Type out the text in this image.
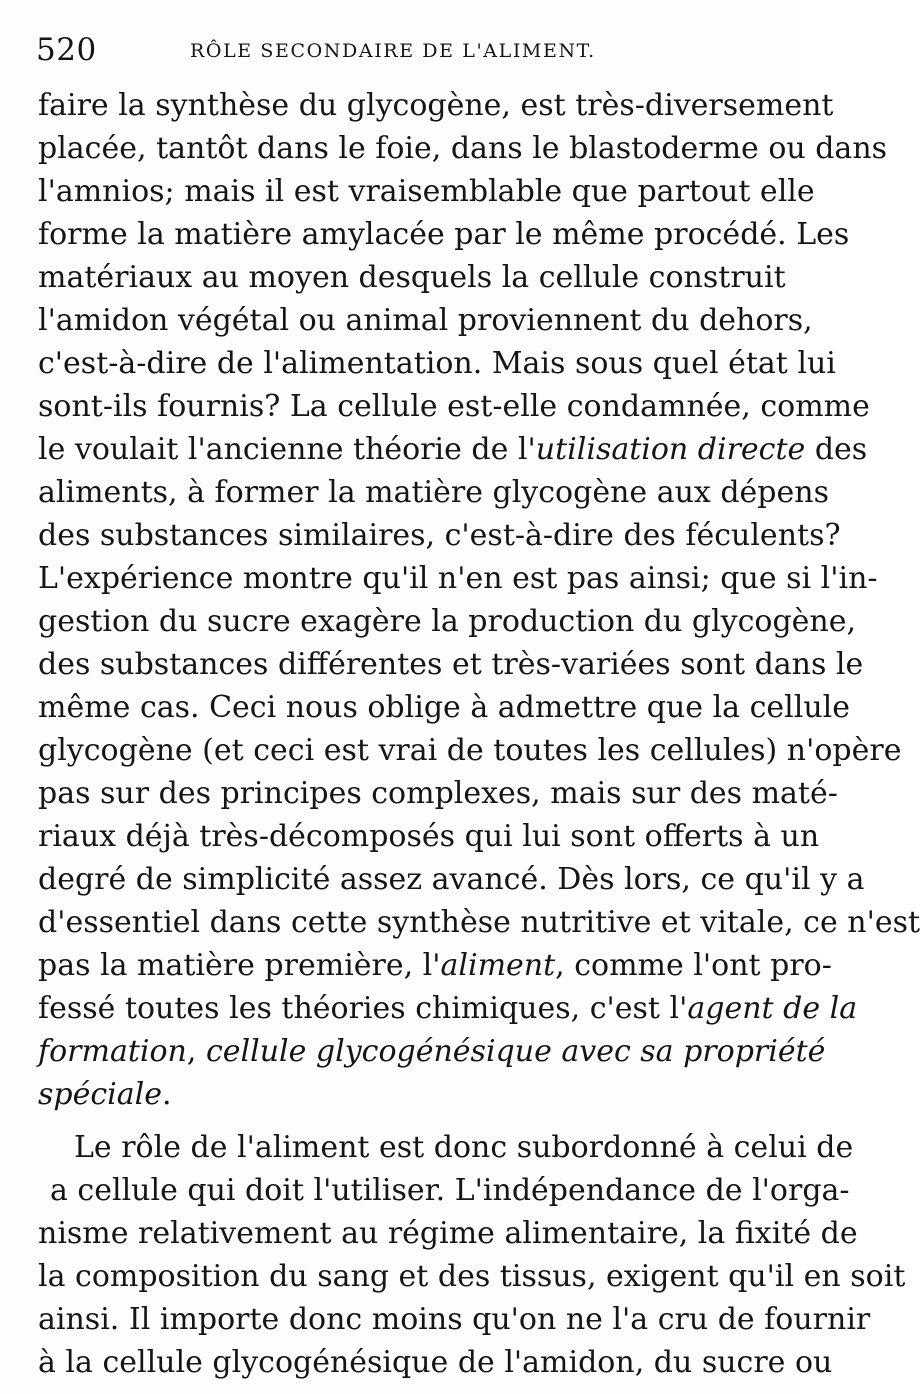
520	RÔLE SECONDAIRE DE L'ALIMENT.
faire la synthèse du glycogène, est très-diversement
placée, tantôt dans le foie, dans le blastoderme ou dans
l'amnios; mais il est vraisemblable que partout elle
forme la matière amylacée par le même procédé. Les
matériaux au moyen desquels la cellule construit
l'amidon végétal ou animal proviennent du dehors,
c'est-à-dire de l'alimentation. Mais sous quel état lui
sont-ils fournis? La cellule est-elle condamnée, comme
le voulait l'ancienne théorie de l'utilisation directe des
aliments, à former la matière glycogène aux dépens
des substances similaires, c'est-à-dire des féculents?
L'expérience montre qu'il n'en est pas ainsi; que si l'in-
gestion du sucre exagère la production du glycogène,
des substances différentes et très-variées sont dans le
même cas. Ceci nous oblige à admettre que la cellule
glycogène (et ceci est vrai de toutes les cellules) n'opère
pas sur des principes complexes, mais sur des maté-
riaux déjà très-décomposés qui lui sont offerts à un
degré de simplicité assez avancé. Dès lors, ce qu'il y a
d'essentiel dans cette synthèse nutritive et vitale, ce n'est
pas la matière première, l'aliment, comme l'ont pro-
fessé toutes les théories chimiques, c'est l'agent de la
formation, cellule glycogénésique avec sa propriété
spéciale.
Le rôle de l'aliment est donc subordonné à celui de
a cellule qui doit l'utiliser. L'indépendance de l'orga-
nisme relativement au régime alimentaire, la fixité de
la composition du sang et des tissus, exigent qu'il en soit
ainsi. Il importe donc moins qu'on ne l'a cru de fournir
à la cellule glycogénésique de l'amidon, du sucre ou
